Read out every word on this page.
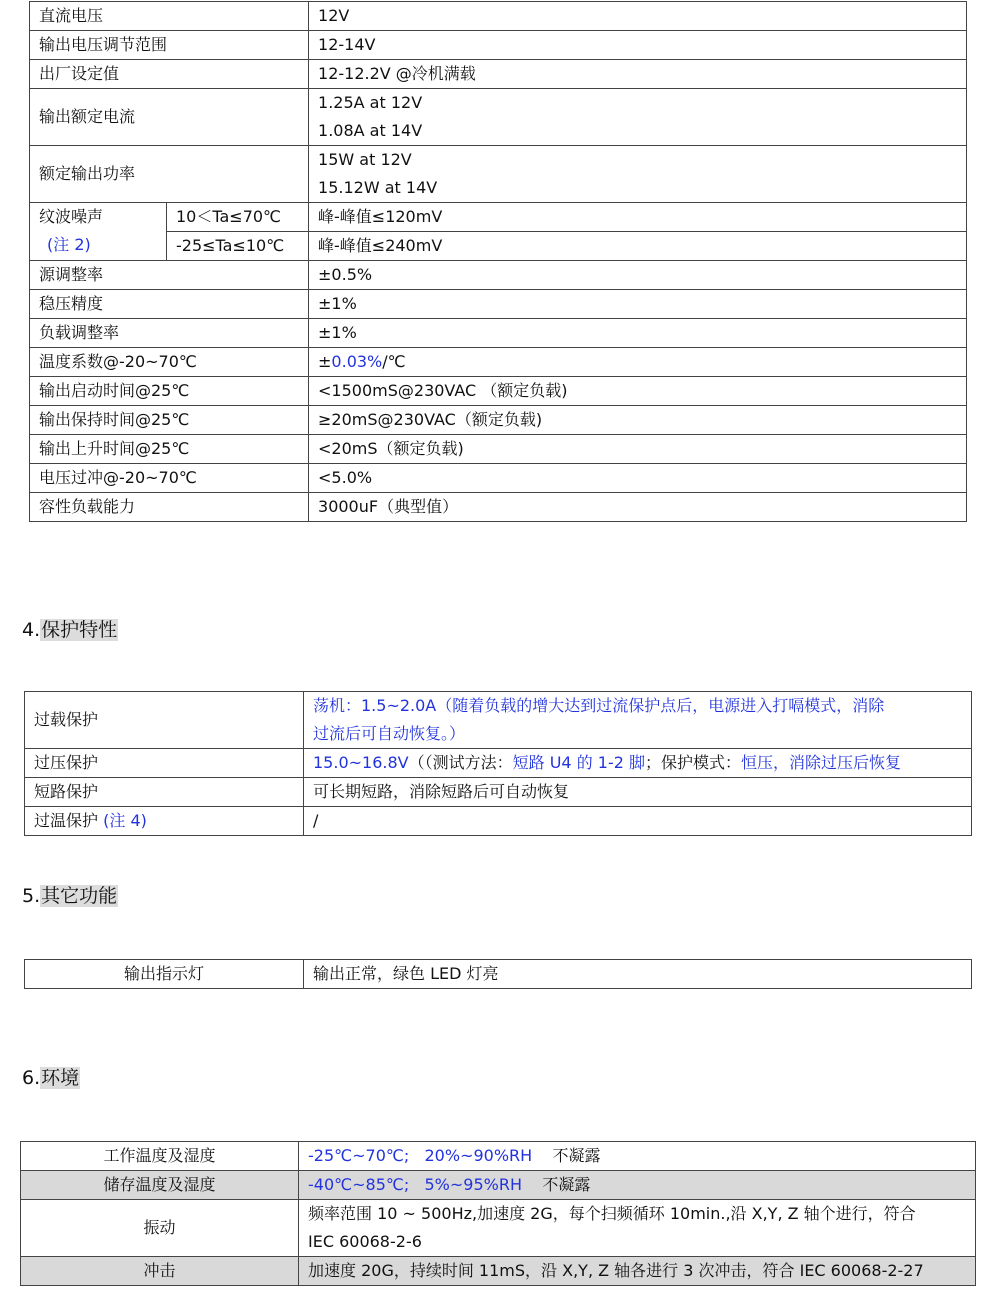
直流电压		12V
输出电压调节范围		12-14V
出厂设定值		12-12.2V @冷机满载
输出额定电流		1.25A at 12V
1.08A at 14V

额定输出功率		15W at 12V
15.12W at 14V

纹波噪声
(注 2)	10＜Ta≤70℃	峰-峰值≤120mV
	-25≤Ta≤10℃	峰-峰值≤240mV
源调整率		±0.5%
稳压精度		±1%
负载调整率		±1%
温度系数@-20~70℃		±0.03%/℃
输出启动时间@25℃		<1500mS@230VAC （额定负载)
输出保持时间@25℃		≥20mS@230VAC（额定负载)
输出上升时间@25℃		<20mS（额定负载)
电压过冲@-20~70℃		<5.0%
容性负载能力		3000uF（典型值）
4.保护特性
过载保护	荡机：1.5~2.0A（随着负载的增大达到过流保护点后，电源进入打嗝模式，消除
过流后可自动恢复。）

过压保护	15.0~16.8V（（测试方法：短路 U4 的 1-2 脚；保护模式：恒压，消除过压后恢复
短路保护	可长期短路，消除短路后可自动恢复
过温保护 (注 4)	/
5.其它功能
输出指示灯	输出正常，绿色 LED 灯亮
6.环境
工作温度及湿度	-25℃~70℃; 20%~90%RH 不凝露
储存温度及湿度	-40℃~85℃; 5%~95%RH 不凝露
振动	频率范围 10 ~ 500Hz,加速度 2G，每个扫频循环 10min.,沿 X,Y, Z 轴个进行，符合
IEC 60068-2-6

冲击	加速度 20G，持续时间 11mS，沿 X,Y, Z 轴各进行 3 次冲击，符合 IEC 60068-2-27
